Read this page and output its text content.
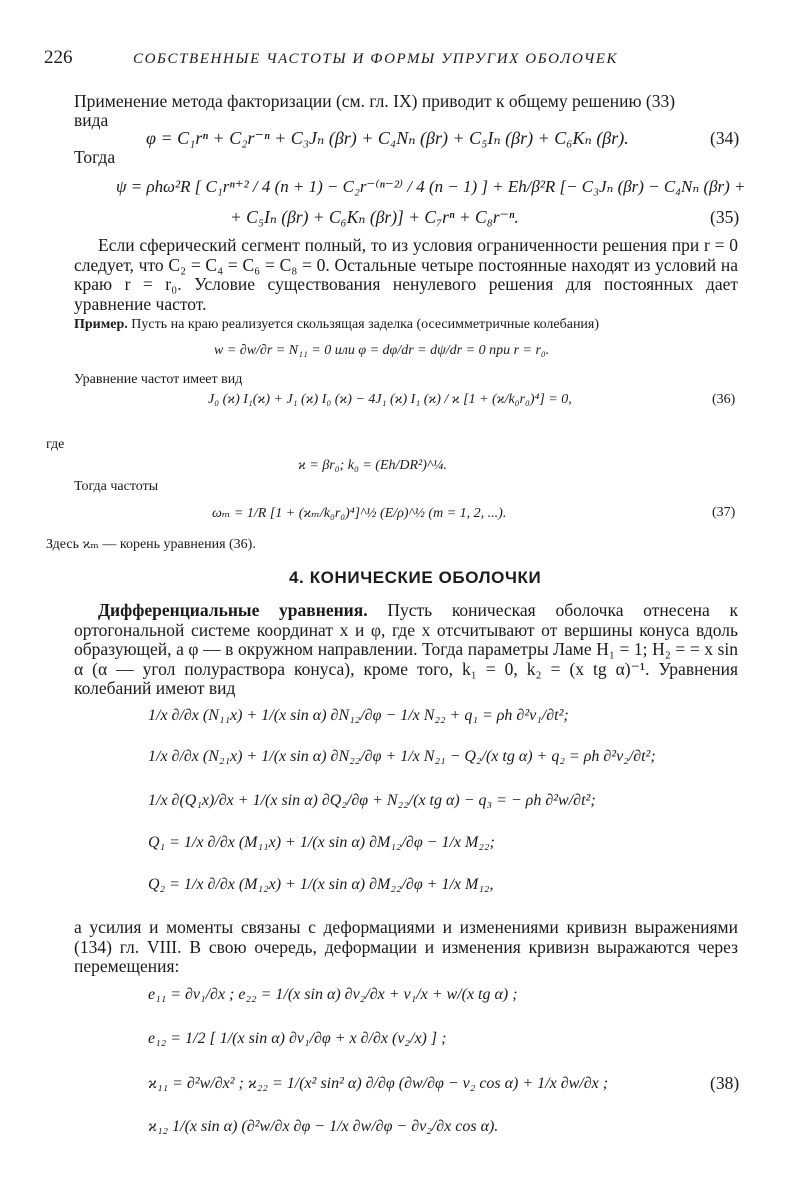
226	СОБСТВЕННЫЕ ЧАСТОТЫ И ФОРМЫ УПРУГИХ ОБОЛОЧЕК
Применение метода факторизации (см. гл. IX) приводит к общему решению (33)
вида
φ = C₁rⁿ + C₂r⁻ⁿ + C₃Jₙ (βr) + C₄Nₙ (βr) + C₅Iₙ (βr) + C₆Kₙ (βr).	(34)
Тогда
ψ = ρhω²R [ C₁rⁿ⁺² / 4 (n + 1) − C₂r⁻⁽ⁿ⁻²⁾ / 4 (n − 1) ] + Eh/β²R [− C₃Jₙ (βr) − C₄Nₙ (βr) +
+ C₅Iₙ (βr) + C₆Kₙ (βr)] + C₇rⁿ + C₈r⁻ⁿ.	(35)
Если сферический сегмент полный, то из условия ограниченности решения при r = 0 следует, что C₂ = C₄ = C₆ = C₈ = 0. Остальные четыре постоянные находят из условий на краю r = r₀. Условие существования ненулевого решения для постоянных дает уравнение частот.
Пример. Пусть на краю реализуется скользящая заделка (осесимметричные колебания)
w = ∂w/∂r = N₁₁ = 0 или φ = dφ/dr = dψ/dr = 0 при r = r₀.
Уравнение частот имеет вид
J₀ (ϰ) I₁(ϰ) + J₁ (ϰ) I₀ (ϰ) − 4J₁ (ϰ) I₁ (ϰ) / ϰ [1 + (ϰ/k₀r₀)⁴] = 0,	(36)
где
ϰ = βr₀; k₀ = (Eh/DR²)^¼.
Тогда частоты
ωₘ = 1/R [1 + (ϰₘ/k₀r₀)⁴]^½ (E/ρ)^½ (m = 1, 2, ...).	(37)
Здесь ϰₘ — корень уравнения (36).
4. КОНИЧЕСКИЕ ОБОЛОЧКИ
Дифференциальные уравнения. Пусть коническая оболочка отнесена к ортогональной системе координат x и φ, где x отсчитывают от вершины конуса вдоль образующей, а φ — в окружном направлении. Тогда параметры Ламе H₁ = 1; H₂ = = x sin α (α — угол полураствора конуса), кроме того, k₁ = 0, k₂ = (x tg α)⁻¹. Уравнения колебаний имеют вид
1/x ∂/∂x (N₁₁x) + 1/(x sin α) ∂N₁₂/∂φ − 1/x N₂₂ + q₁ = ρh ∂²v₁/∂t²;
1/x ∂/∂x (N₂₁x) + 1/(x sin α) ∂N₂₂/∂φ + 1/x N₂₁ − Q₂/(x tg α) + q₂ = ρh ∂²v₂/∂t²;
1/x ∂(Q₁x)/∂x + 1/(x sin α) ∂Q₂/∂φ + N₂₂/(x tg α) − q₃ = − ρh ∂²w/∂t²;
Q₁ = 1/x ∂/∂x (M₁₁x) + 1/(x sin α) ∂M₁₂/∂φ − 1/x M₂₂;
Q₂ = 1/x ∂/∂x (M₁₂x) + 1/(x sin α) ∂M₂₂/∂φ + 1/x M₁₂,
а усилия и моменты связаны с деформациями и изменениями кривизн выражениями (134) гл. VIII. В свою очередь, деформации и изменения кривизн выражаются через перемещения:
e₁₁ = ∂v₁/∂x ; e₂₂ = 1/(x sin α) ∂v₂/∂x + v₁/x + w/(x tg α) ;
e₁₂ = 1/2 [ 1/(x sin α) ∂v₁/∂φ + x ∂/∂x (v₂/x) ] ;
ϰ₁₁ = ∂²w/∂x² ; ϰ₂₂ = 1/(x² sin² α) ∂/∂φ (∂w/∂φ − v₂ cos α) + 1/x ∂w/∂x ;	(38)
ϰ₁₂ 1/(x sin α) (∂²w/∂x ∂φ − 1/x ∂w/∂φ − ∂v₂/∂x cos α).
